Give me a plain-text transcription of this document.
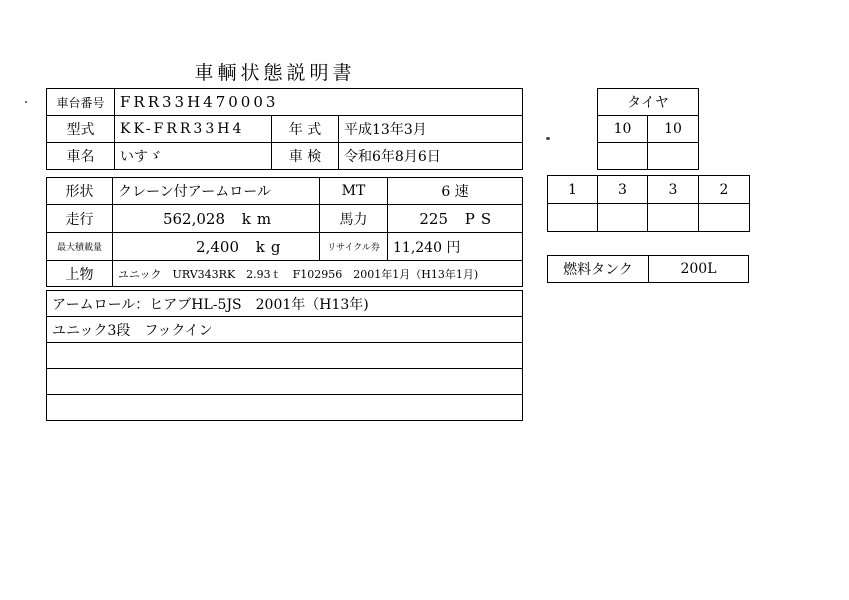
車輌状態説明書
車台番号	FRR33H470003		
型式	KK-FRR33H4	年 式	平成13年3月
車名	いすゞ	車 検	令和6年8月6日
形状	クレーン付アームロール	MT	6 速
走行	562,028 km	馬力	225 PS
最大積載量	2,400 kg	リサイクル券	11,240 円
上物	ユニック　URV343RK　2.93ｔ　F102956　2001年1月（H13年1月)		
アームロール：ヒアブHL-5JS　2001年（H13年)
ユニック3段　フックイン

タイヤ	
10	10

1	3	3	2

燃料タンク	200L
